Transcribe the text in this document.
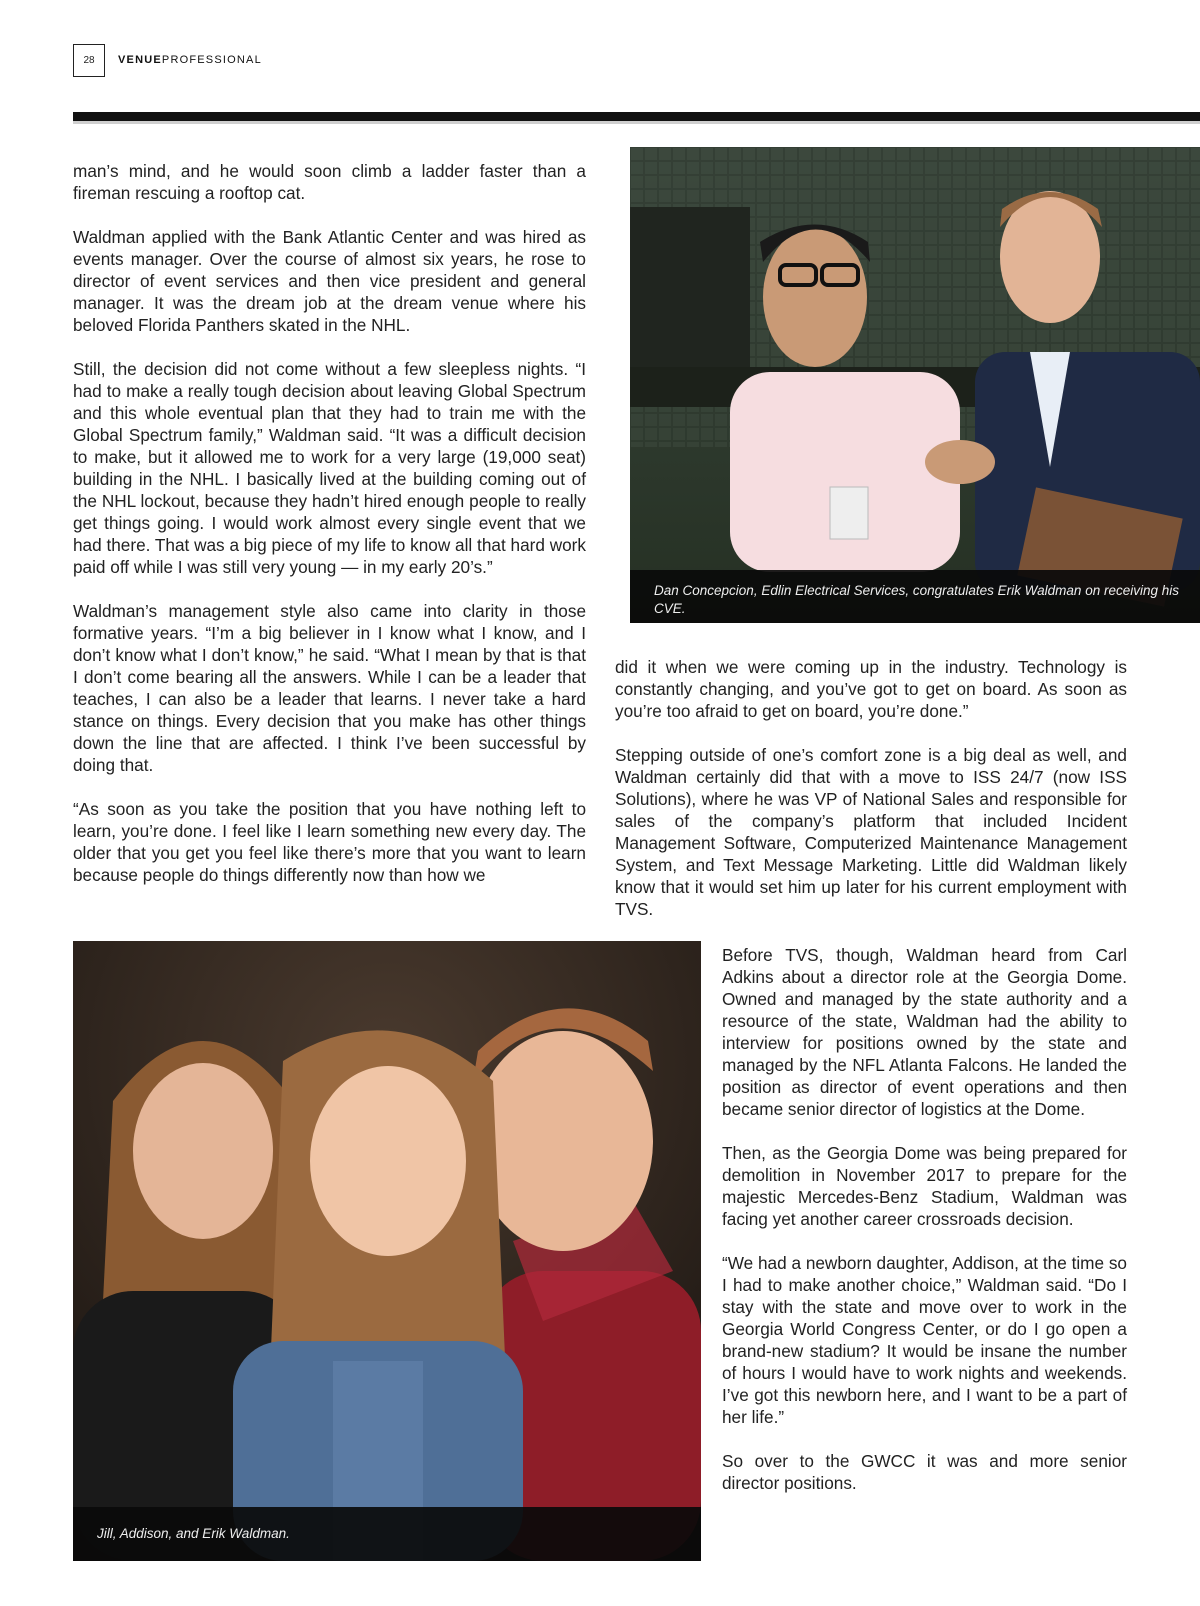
28	VENUEPROFESSIONAL

man’s mind, and he would soon climb a ladder faster than a fireman rescuing a rooftop cat.

Waldman applied with the Bank Atlantic Center and was hired as events manager. Over the course of almost six years, he rose to director of event services and then vice president and general manager. It was the dream job at the dream venue where his beloved Florida Panthers skated in the NHL.

Still, the decision did not come without a few sleepless nights. “I had to make a really tough decision about leaving Global Spectrum and this whole eventual plan that they had to train me with the Global Spectrum family,” Waldman said. “It was a difficult decision to make, but it allowed me to work for a very large (19,000 seat) building in the NHL. I basically lived at the building coming out of the NHL lockout, because they hadn’t hired enough people to really get things going. I would work almost every single event that we had there. That was a big piece of my life to know all that hard work paid off while I was still very young — in my early 20’s.”

Waldman’s management style also came into clarity in those formative years. “I’m a big believer in I know what I know, and I don’t know what I don’t know,” he said. “What I mean by that is that I don’t come bearing all the answers. While I can be a leader that teaches, I can also be a leader that learns. I never take a hard stance on things. Every decision that you make has other things down the line that are affected. I think I’ve been successful by doing that.

“As soon as you take the position that you have nothing left to learn, you’re done. I feel like I learn something new every day. The older that you get you feel like there’s more that you want to learn because people do things differently now than how we

Dan Concepcion, Edlin Electrical Services, congratulates Erik Waldman on receiving his CVE.

did it when we were coming up in the industry. Technology is constantly changing, and you’ve got to get on board. As soon as you’re too afraid to get on board, you’re done.”

Stepping outside of one’s comfort zone is a big deal as well, and Waldman certainly did that with a move to ISS 24/7 (now ISS Solutions), where he was VP of National Sales and responsible for sales of the company’s platform that included Incident Management Software, Computerized Maintenance Management System, and Text Message Marketing. Little did Waldman likely know that it would set him up later for his current employment with TVS.

Jill, Addison, and Erik Waldman.

Before TVS, though, Waldman heard from Carl Adkins about a director role at the Georgia Dome. Owned and managed by the state authority and a resource of the state, Waldman had the ability to interview for positions owned by the state and managed by the NFL Atlanta Falcons. He landed the position as director of event operations and then became senior director of logistics at the Dome.

Then, as the Georgia Dome was being prepared for demolition in November 2017 to prepare for the majestic Mercedes-Benz Stadium, Waldman was facing yet another career crossroads decision.

“We had a newborn daughter, Addison, at the time so I had to make another choice,” Waldman said. “Do I stay with the state and move over to work in the Georgia World Congress Center, or do I go open a brand-new stadium? It would be insane the number of hours I would have to work nights and weekends. I’ve got this newborn here, and I want to be a part of her life.”

So over to the GWCC it was and more senior director positions.
